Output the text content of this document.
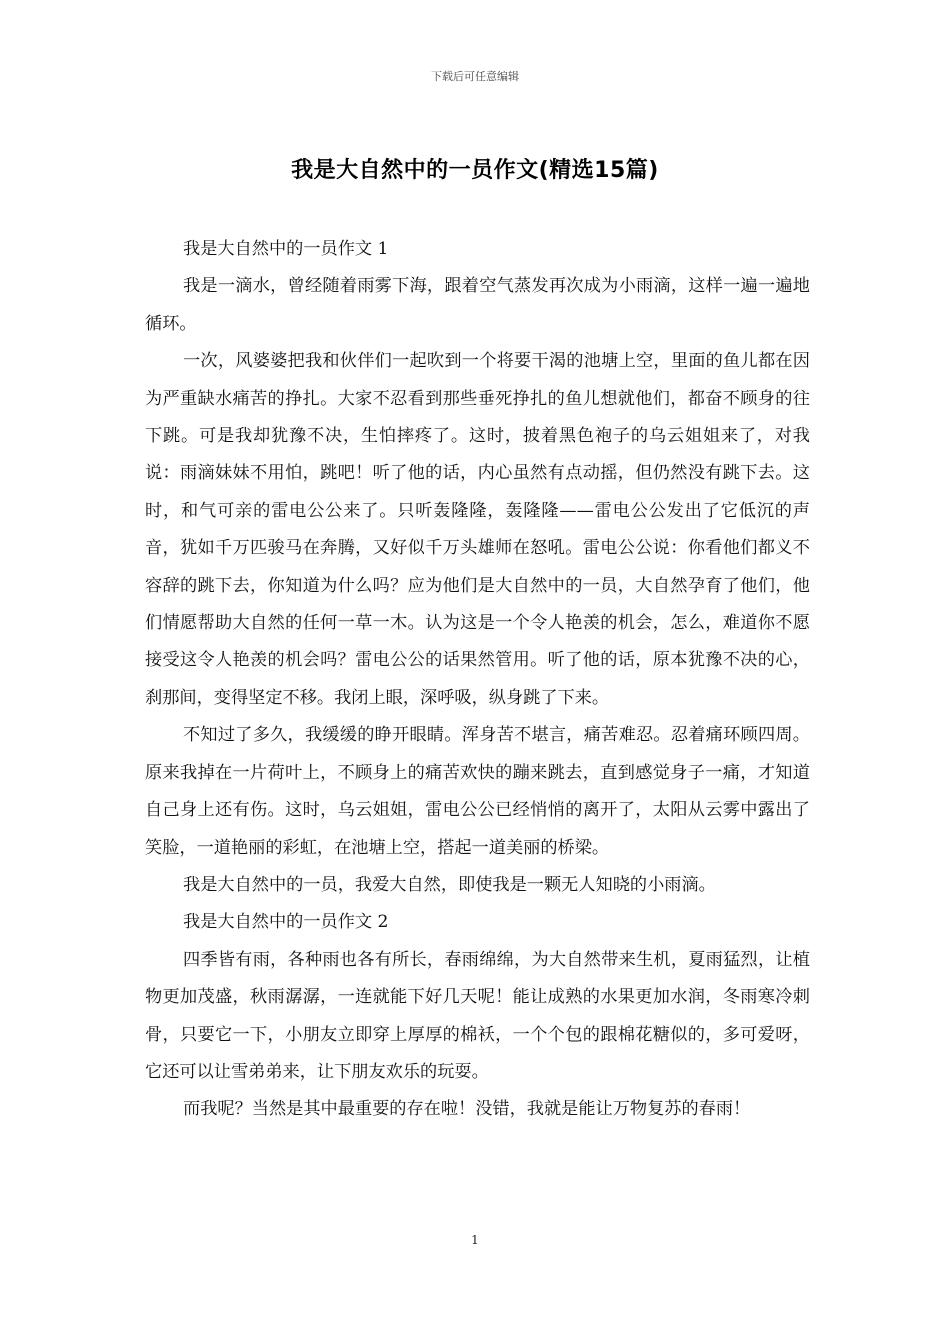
下载后可任意编辑
我是大自然中的一员作文(精选15篇)

我是大自然中的一员作文 1

我是一滴水，曾经随着雨雾下海，跟着空气蒸发再次成为小雨滴，这样一遍一遍地循环。

一次，风婆婆把我和伙伴们一起吹到一个将要干渴的池塘上空，里面的鱼儿都在因为严重缺水痛苦的挣扎。大家不忍看到那些垂死挣扎的鱼儿想就他们，都奋不顾身的往下跳。可是我却犹豫不决，生怕摔疼了。这时，披着黑色袍子的乌云姐姐来了，对我说：雨滴妹妹不用怕，跳吧！听了他的话，内心虽然有点动摇，但仍然没有跳下去。这时，和气可亲的雷电公公来了。只听轰隆隆，轰隆隆——雷电公公发出了它低沉的声音，犹如千万匹骏马在奔腾，又好似千万头雄师在怒吼。雷电公公说：你看他们都义不容辞的跳下去，你知道为什么吗？应为他们是大自然中的一员，大自然孕育了他们，他们情愿帮助大自然的任何一草一木。认为这是一个令人艳羡的机会，怎么，难道你不愿接受这令人艳羡的机会吗？雷电公公的话果然管用。听了他的话，原本犹豫不决的心，刹那间，变得坚定不移。我闭上眼，深呼吸，纵身跳了下来。

不知过了多久，我缓缓的睁开眼睛。浑身苦不堪言，痛苦难忍。忍着痛环顾四周。原来我掉在一片荷叶上，不顾身上的痛苦欢快的蹦来跳去，直到感觉身子一痛，才知道自己身上还有伤。这时，乌云姐姐，雷电公公已经悄悄的离开了，太阳从云雾中露出了笑脸，一道艳丽的彩虹，在池塘上空，搭起一道美丽的桥梁。

我是大自然中的一员，我爱大自然，即使我是一颗无人知晓的小雨滴。

我是大自然中的一员作文 2

四季皆有雨，各种雨也各有所长，春雨绵绵，为大自然带来生机，夏雨猛烈，让植物更加茂盛，秋雨潺潺，一连就能下好几天呢！能让成熟的水果更加水润，冬雨寒冷刺骨，只要它一下，小朋友立即穿上厚厚的棉袄，一个个包的跟棉花糖似的，多可爱呀，它还可以让雪弟弟来，让下朋友欢乐的玩耍。

而我呢？当然是其中最重要的存在啦！没错，我就是能让万物复苏的春雨！

1
